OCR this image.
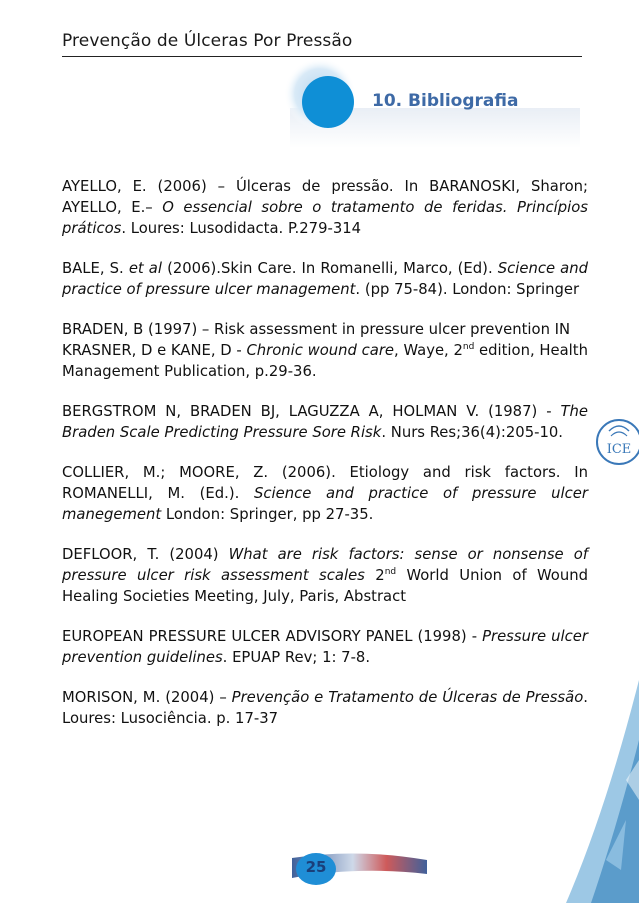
Prevenção de Úlceras Por Pressão
10. Bibliografia

AYELLO, E. (2006) – Úlceras de pressão. In BARANOSKI, Sharon; AYELLO, E.– O essencial sobre o tratamento de feridas. Princípios práticos. Loures: Lusodidacta. P.279-314

BALE, S. et al (2006).Skin Care. In Romanelli, Marco, (Ed). Science and practice of pressure ulcer management. (pp 75-84). London: Springer

BRADEN, B (1997) – Risk assessment in pressure ulcer prevention IN KRASNER, D e KANE, D - Chronic wound care, Waye, 2nd edition, Health Management Publication, p.29-36.

BERGSTROM N, BRADEN BJ, LAGUZZA A, HOLMAN V. (1987) - The Braden Scale Predicting Pressure Sore Risk. Nurs Res;36(4):205-10.

COLLIER, M.; MOORE, Z. (2006). Etiology and risk factors. In ROMANELLI, M. (Ed.). Science and practice of pressure ulcer manegement London: Springer, pp 27-35.

DEFLOOR, T. (2004) What are risk factors: sense or nonsense of pressure ulcer risk assessment scales 2nd World Union of Wound Healing Societies Meeting, July, Paris, Abstract

EUROPEAN PRESSURE ULCER ADVISORY PANEL (1998) - Pressure ulcer prevention guidelines. EPUAP Rev; 1: 7-8.

MORISON, M. (2004) – Prevenção e Tratamento de Úlceras de Pressão. Loures: Lusociência. p. 17-37

ICE
25
